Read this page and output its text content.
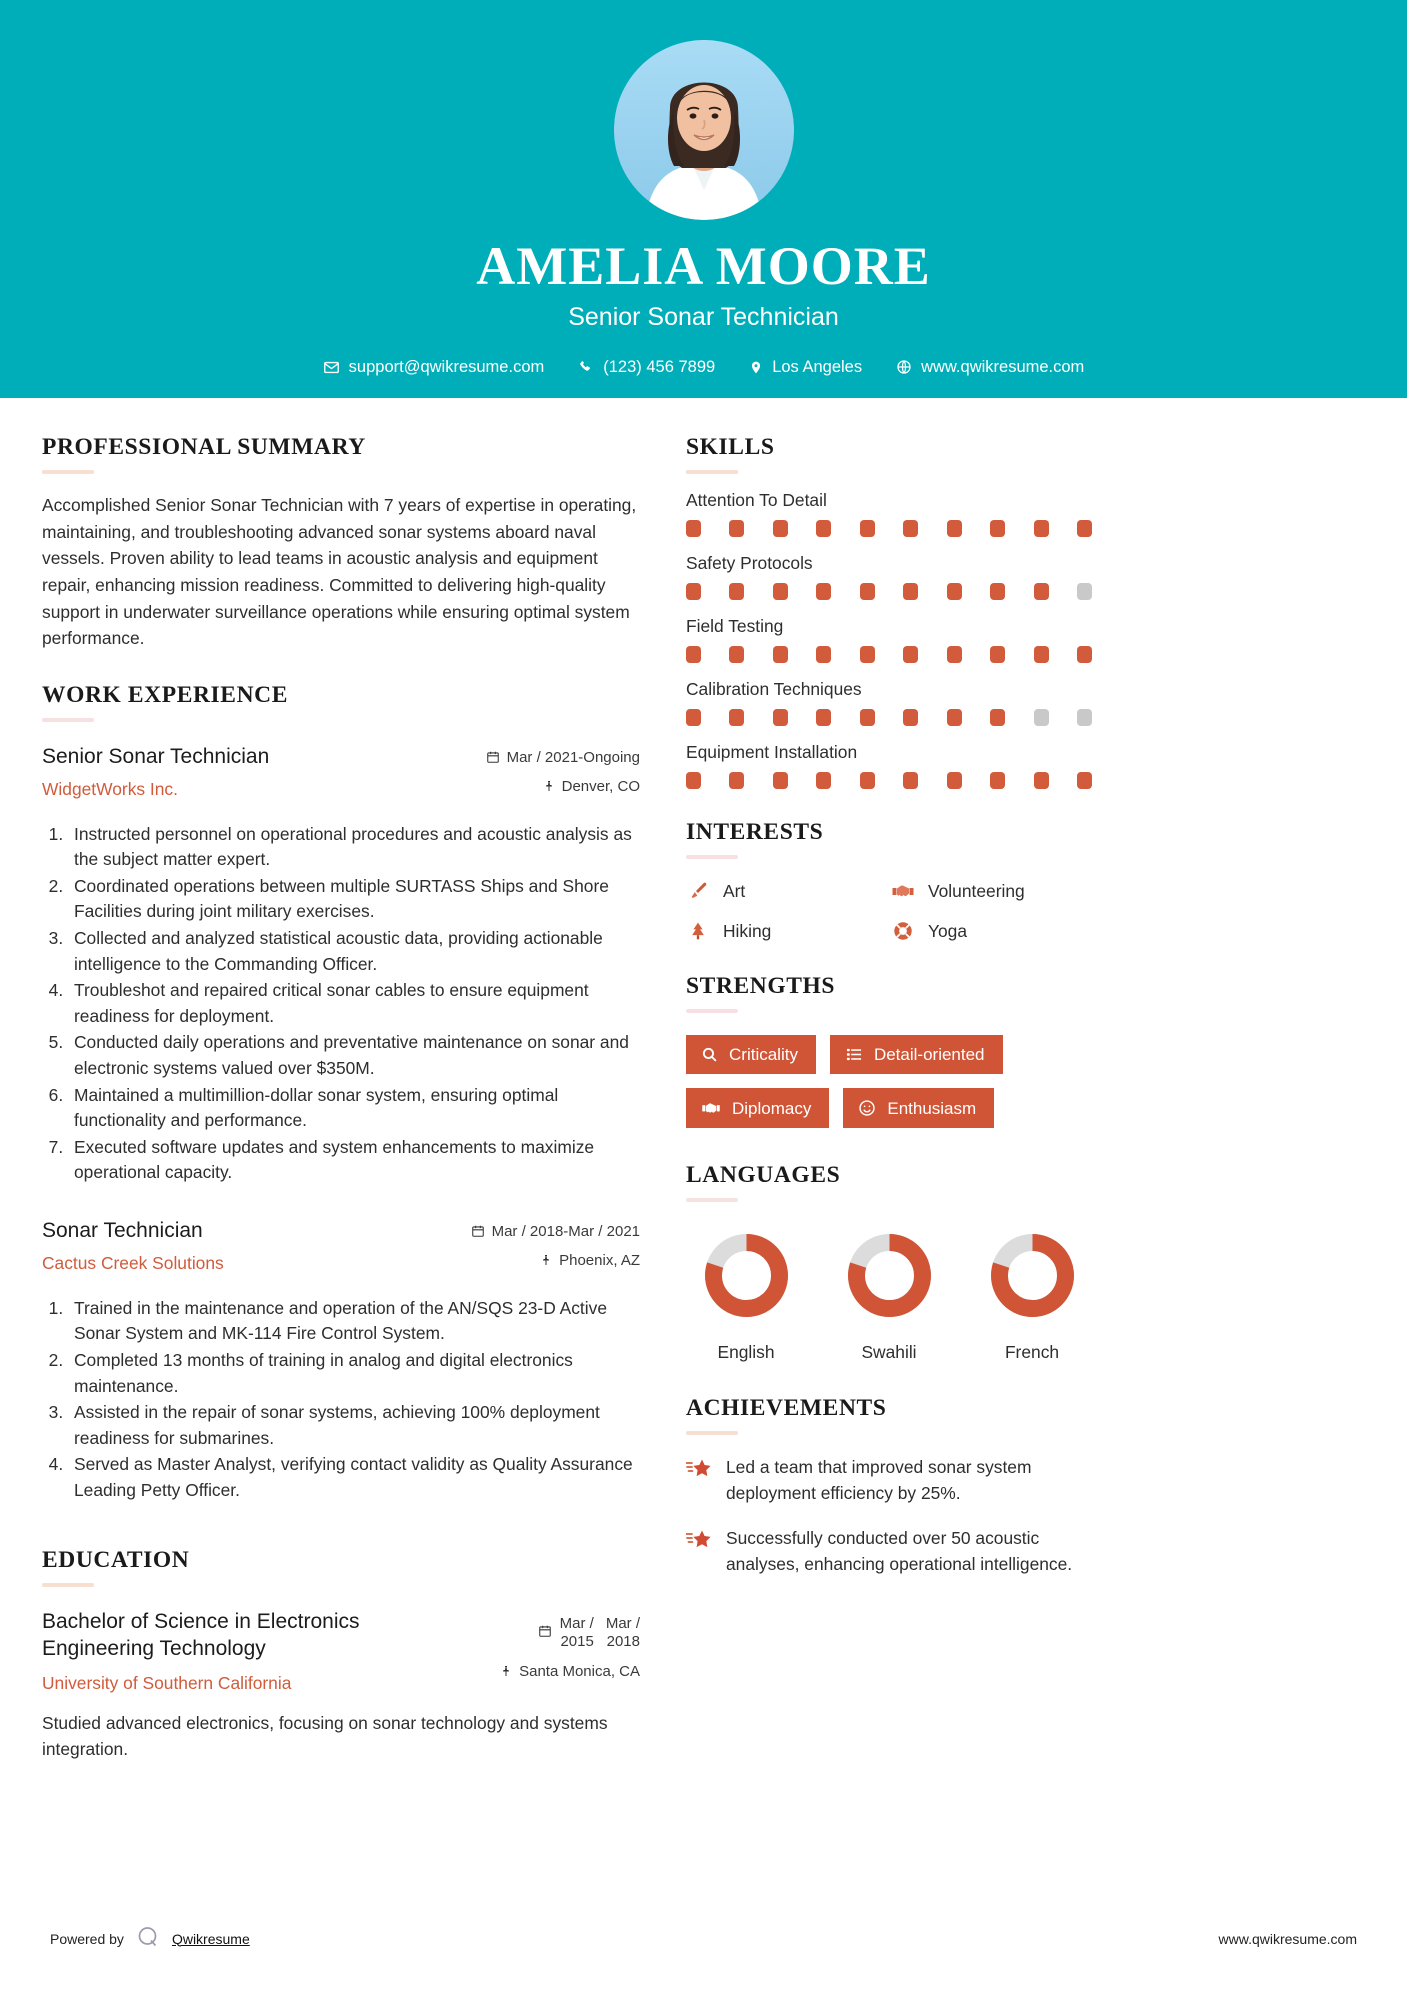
AMELIA MOORE
Senior Sonar Technician
support@qwikresume.com	(123) 456 7899	Los Angeles	www.qwikresume.com
PROFESSIONAL SUMMARY
Accomplished Senior Sonar Technician with 7 years of expertise in operating, maintaining, and troubleshooting advanced sonar systems aboard naval vessels. Proven ability to lead teams in acoustic analysis and equipment repair, enhancing mission readiness. Committed to delivering high-quality support in underwater surveillance operations while ensuring optimal system performance.
WORK EXPERIENCE
Senior Sonar Technician
WidgetWorks Inc.
Mar / 2021-Ongoing
Denver, CO
1. Instructed personnel on operational procedures and acoustic analysis as the subject matter expert.
2. Coordinated operations between multiple SURTASS Ships and Shore Facilities during joint military exercises.
3. Collected and analyzed statistical acoustic data, providing actionable intelligence to the Commanding Officer.
4. Troubleshot and repaired critical sonar cables to ensure equipment readiness for deployment.
5. Conducted daily operations and preventative maintenance on sonar and electronic systems valued over $350M.
6. Maintained a multimillion-dollar sonar system, ensuring optimal functionality and performance.
7. Executed software updates and system enhancements to maximize operational capacity.
Sonar Technician
Cactus Creek Solutions
Mar / 2018-Mar / 2021
Phoenix, AZ
1. Trained in the maintenance and operation of the AN/SQS 23-D Active Sonar System and MK-114 Fire Control System.
2. Completed 13 months of training in analog and digital electronics maintenance.
3. Assisted in the repair of sonar systems, achieving 100% deployment readiness for submarines.
4. Served as Master Analyst, verifying contact validity as Quality Assurance Leading Petty Officer.
EDUCATION
Bachelor of Science in Electronics Engineering Technology
University of Southern California
Mar /
2015
Mar /
2018
Santa Monica, CA
Studied advanced electronics, focusing on sonar technology and systems integration.
SKILLS
Attention To Detail
Safety Protocols
Field Testing
Calibration Techniques
Equipment Installation
INTERESTS
Art	Volunteering
Hiking	Yoga
STRENGTHS
Criticality	Detail-oriented
Diplomacy	Enthusiasm
LANGUAGES
English	Swahili	French
ACHIEVEMENTS
Led a team that improved sonar system deployment efficiency by 25%.
Successfully conducted over 50 acoustic analyses, enhancing operational intelligence.
Powered by	Qwikresume	www.qwikresume.com
